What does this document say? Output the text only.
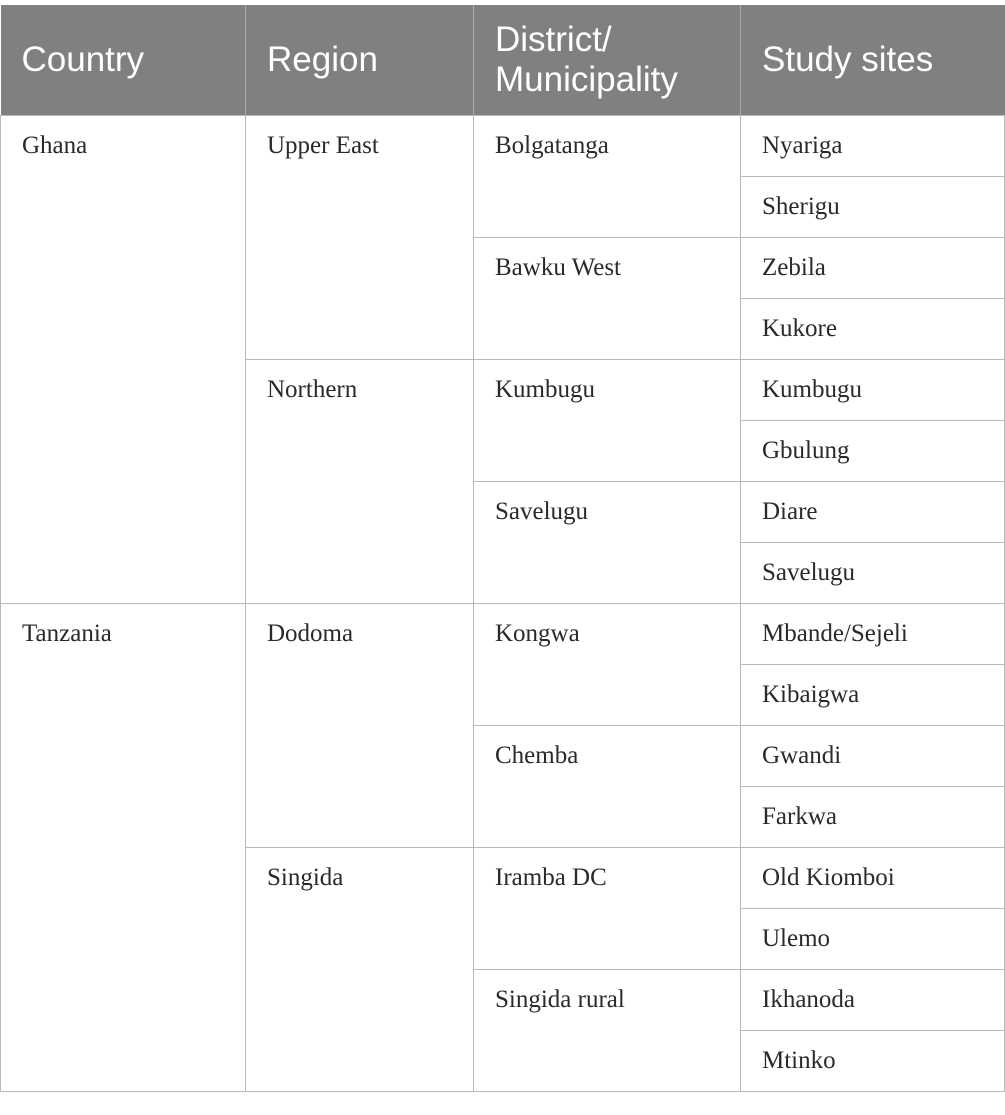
Country	Region	District/ Municipality	Study sites
Ghana	Upper East	Bolgatanga	Nyariga
			Sherigu
		Bawku West	Zebila
			Kukore
	Northern	Kumbugu	Kumbugu
			Gbulung
		Savelugu	Diare
			Savelugu
Tanzania	Dodoma	Kongwa	Mbande/Sejeli
			Kibaigwa
		Chemba	Gwandi
			Farkwa
	Singida	Iramba DC	Old Kiomboi
			Ulemo
		Singida rural	Ikhanoda
			Mtinko
